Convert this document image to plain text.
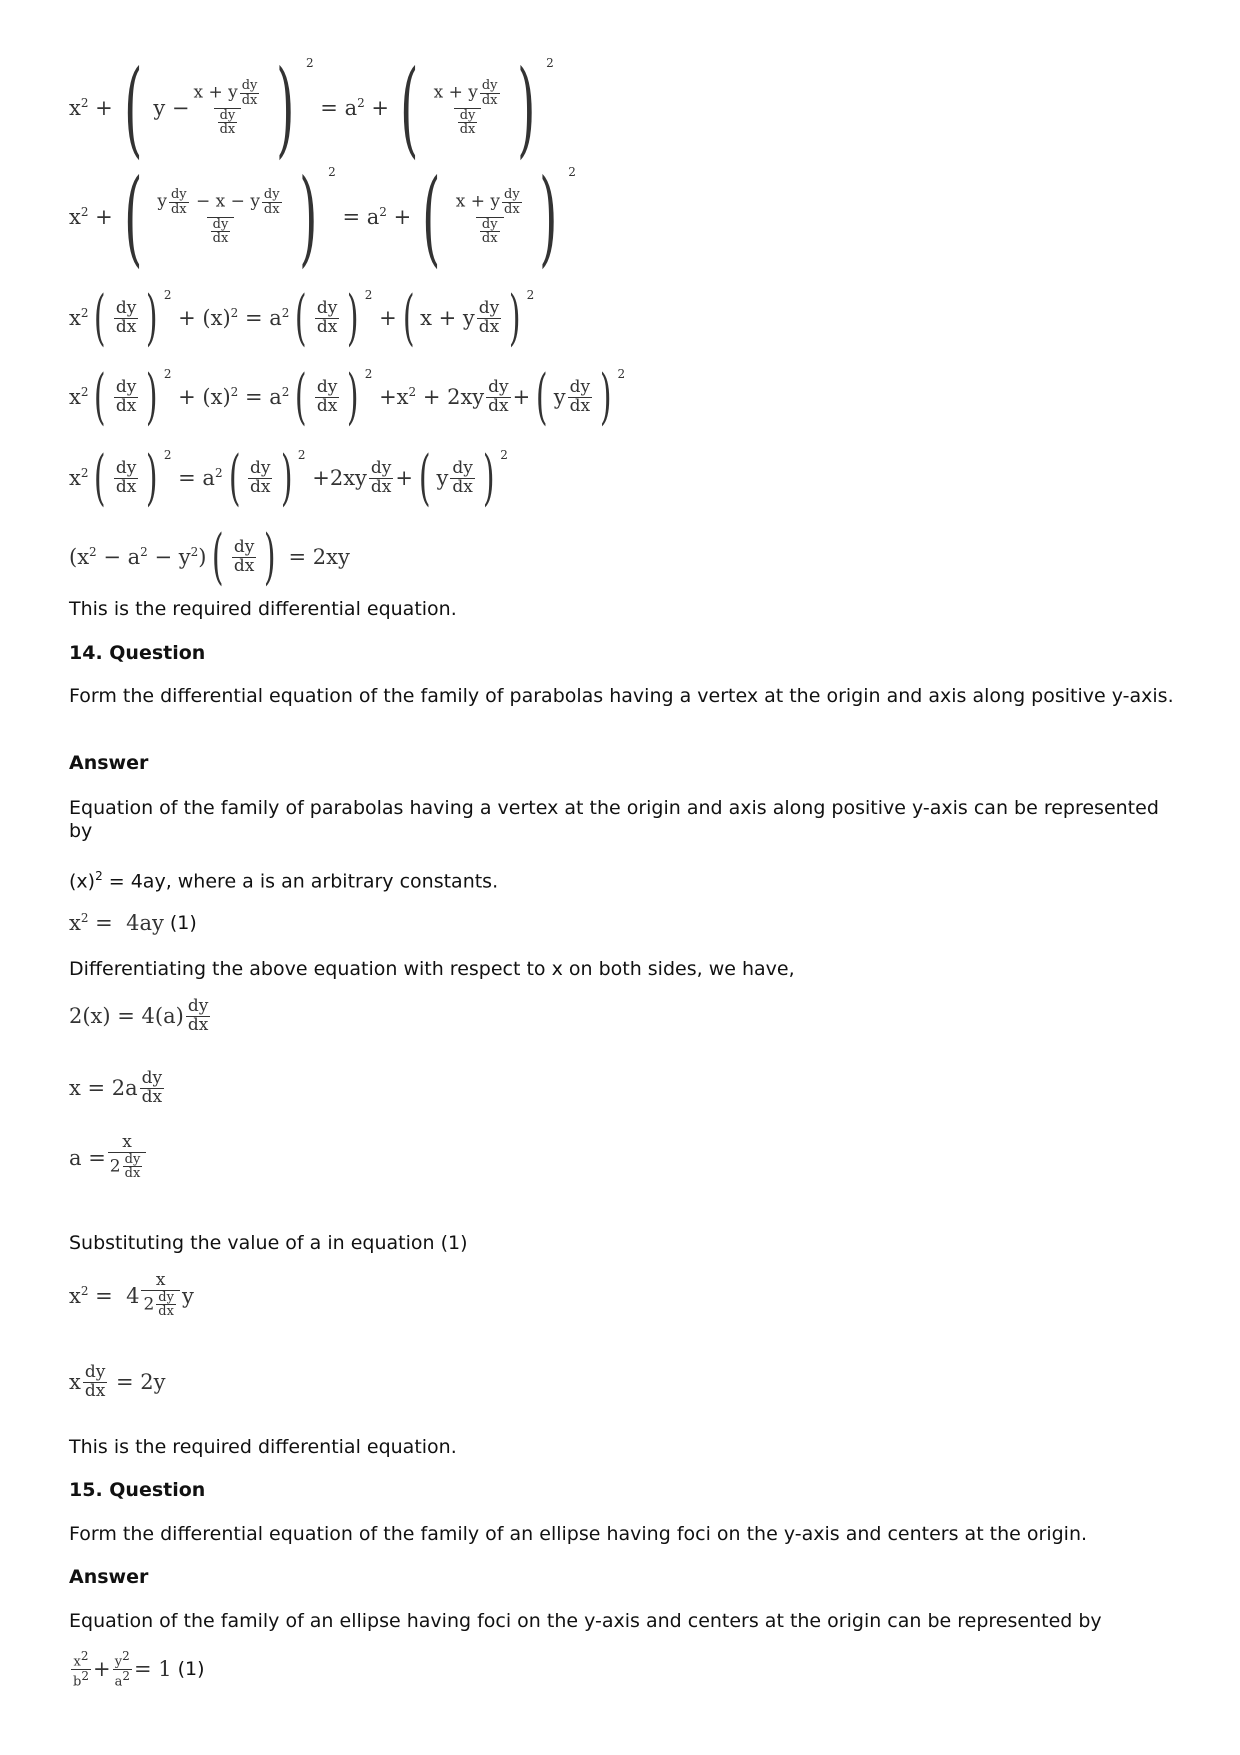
$x^2$ + ( $y - \frac{x + y \frac{dy}{dx}}{\frac{dy}{dx}}$ ) $^2$
= $a^2$ + ( $\frac{x + y \frac{dy}{dx}}{\frac{dy}{dx}}$ ) $^2$
$x^2$ + ( $\frac{y \frac{dy}{dx} - x - y \frac{dy}{dx}}{\frac{dy}{dx}}$ ) $^2$
= $a^2$ + ( $\frac{x + y \frac{dy}{dx}}{\frac{dy}{dx}}$ ) $^2$
$x^2$ ( $\frac{dy}{dx}$ ) $^2$
+ $(x)^2 = a^2$ ( $\frac{dy}{dx}$ ) $^2$
+ ( x + y $\frac{dy}{dx}$ ) $^2$
$x^2$ ( $\frac{dy}{dx}$ ) $^2$
+ $(x)^2 = a^2$ ( $\frac{dy}{dx}$ ) $^2$
$+x^2 + 2xy \frac{dy}{dx}$ + ( y $\frac{dy}{dx}$ ) $^2$
$x^2$ ( $\frac{dy}{dx}$ ) $^2$
= $a^2$ ( $\frac{dy}{dx}$ ) $^2$
$+2xy \frac{dy}{dx}$ + ( y $\frac{dy}{dx}$ ) $^2$
$(x^2 - a^2 - y^2)$ ( $\frac{dy}{dx}$ ) = 2xy
This is the required differential equation.
14. Question
Form the differential equation of the family of parabolas having a vertex at the origin and axis along positive y-axis.
Answer
Equation of the family of parabolas having a vertex at the origin and axis along positive y-axis can be represented by
$(x)^2 = 4ay$, where a is an arbitrary constants.
$x^2 = 4ay$ (1)
Differentiating the above equation with respect to x on both sides, we have,
$2(x) = 4(a) \frac{dy}{dx}$
$x = 2a \frac{dy}{dx}$
$a = \frac{x}{2 \frac{dy}{dx}}$
Substituting the value of a in equation (1)
$x^2 = 4 \frac{x}{2 \frac{dy}{dx}}$ y
x $\frac{dy}{dx} = 2y$
This is the required differential equation.
15. Question
Form the differential equation of the family of an ellipse having foci on the y-axis and centers at the origin.
Answer
Equation of the family of an ellipse having foci on the y-axis and centers at the origin can be represented by
$\frac{x^2}{b^2} + \frac{y^2}{a^2} = 1$ (1)
